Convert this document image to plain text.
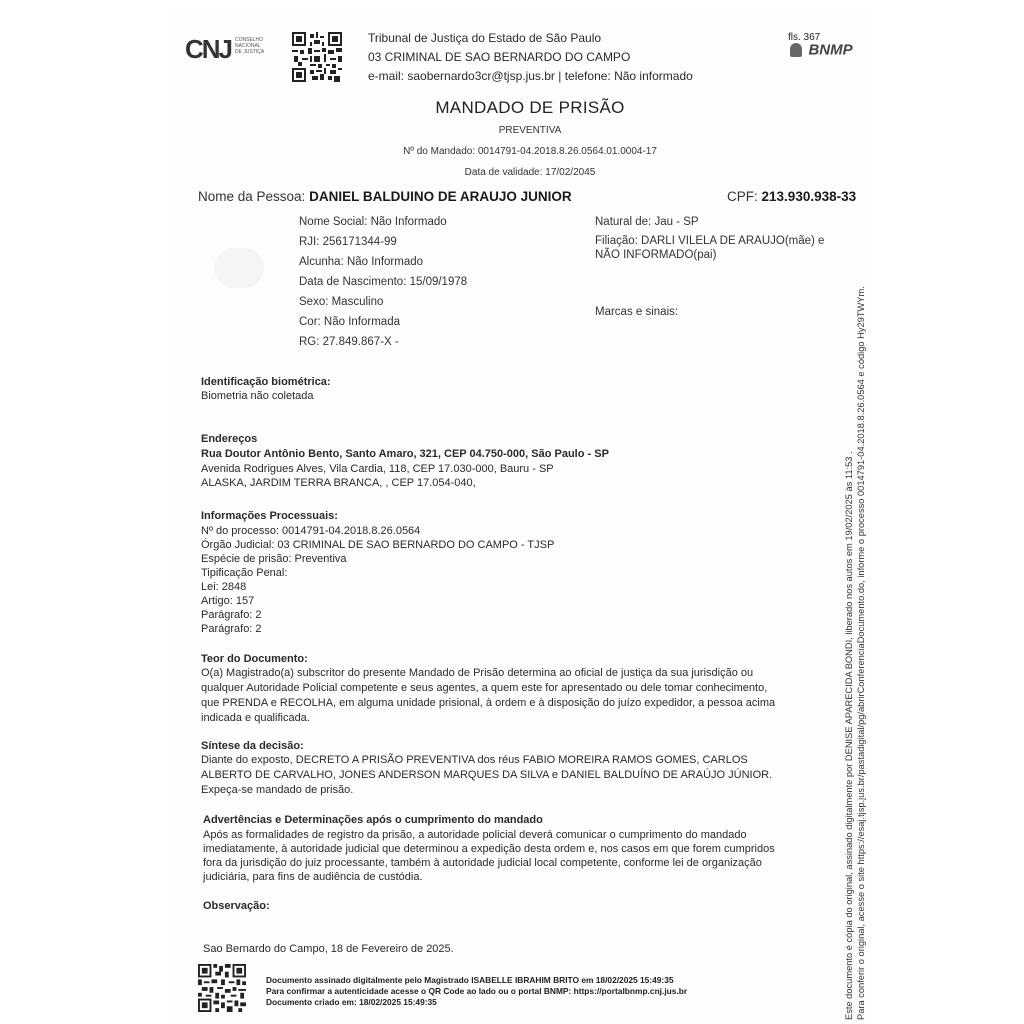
CNJ CONSELHO
NACIONAL
DE JUSTIÇA
Tribunal de Justiça do Estado de São Paulo
03 CRIMINAL DE SAO BERNARDO DO CAMPO
e-mail: saobernardo3cr@tjsp.jus.br | telefone: Não informado
fls. 367
BNMP
MANDADO DE PRISÃO
PREVENTIVA
Nº do Mandado: 0014791-04.2018.8.26.0564.01.0004-17
Data de validade: 17/02/2045
Nome da Pessoa: DANIEL BALDUINO DE ARAUJO JUNIOR	CPF: 213.930.938-33
Nome Social: Não Informado
RJI: 256171344-99
Alcunha: Não Informado
Data de Nascimento: 15/09/1978
Sexo: Masculino
Cor: Não Informada
RG: 27.849.867-X -
Natural de: Jau - SP
Filiação: DARLI VILELA DE ARAUJO(mãe) e
NÃO INFORMADO(pai)
Marcas e sinais:
Identificação biométrica:
Biometria não coletada
Endereços
Rua Doutor Antônio Bento, Santo Amaro, 321, CEP 04.750-000, São Paulo - SP
Avenida Rodrigues Alves, Vila Cardia, 118, CEP 17.030-000, Bauru - SP
ALASKA, JARDIM TERRA BRANCA, , CEP 17.054-040,
Informações Processuais:
Nº do processo: 0014791-04.2018.8.26.0564
Órgão Judicial: 03 CRIMINAL DE SAO BERNARDO DO CAMPO - TJSP
Espécie de prisão: Preventiva
Tipificação Penal:
Lei: 2848
Artigo: 157
Parágrafo: 2
Parágrafo: 2
Teor do Documento:
O(a) Magistrado(a) subscritor do presente Mandado de Prisão determina ao oficial de justiça da sua jurisdição ou
qualquer Autoridade Policial competente e seus agentes, a quem este for apresentado ou dele tomar conhecimento,
que PRENDA e RECOLHA, em alguma unidade prisional, à ordem e à disposição do juízo expedidor, a pessoa acima
indicada e qualificada.
Síntese da decisão:
Diante do exposto, DECRETO A PRISÃO PREVENTIVA dos réus FABIO MOREIRA RAMOS GOMES, CARLOS
ALBERTO DE CARVALHO, JONES ANDERSON MARQUES DA SILVA e DANIEL BALDUÍNO DE ARAÚJO JÚNIOR.
Expeça-se mandado de prisão.
Advertências e Determinações após o cumprimento do mandado
Após as formalidades de registro da prisão, a autoridade policial deverá comunicar o cumprimento do mandado
imediatamente, à autoridade judicial que determinou a expedição desta ordem e, nos casos em que forem cumpridos
fora da jurisdição do juiz processante, também à autoridade judicial local competente, conforme lei de organização
judiciária, para fins de audiência de custódia.
Observação:
Sao Bernardo do Campo, 18 de Fevereiro de 2025.
Documento assinado digitalmente pelo Magistrado ISABELLE IBRAHIM BRITO em 18/02/2025 15:49:35
Para confirmar a autenticidade acesse o QR Code ao lado ou o portal BNMP: https://portalbnmp.cnj.jus.br
Documento criado em: 18/02/2025 15:49:35	Este documento é cópia do original, assinado digitalmente por DENISE APARECIDA BONDI, liberado nos autos em 19/02/2025 às 11:53 . Para conferir o original, acesse o site https://esaj.tjsp.jus.br/pastadigital/pg/abrirConferenciaDocumento.do, informe o processo 0014791-04.2018.8.26.0564 e código Hy29TWYm.
